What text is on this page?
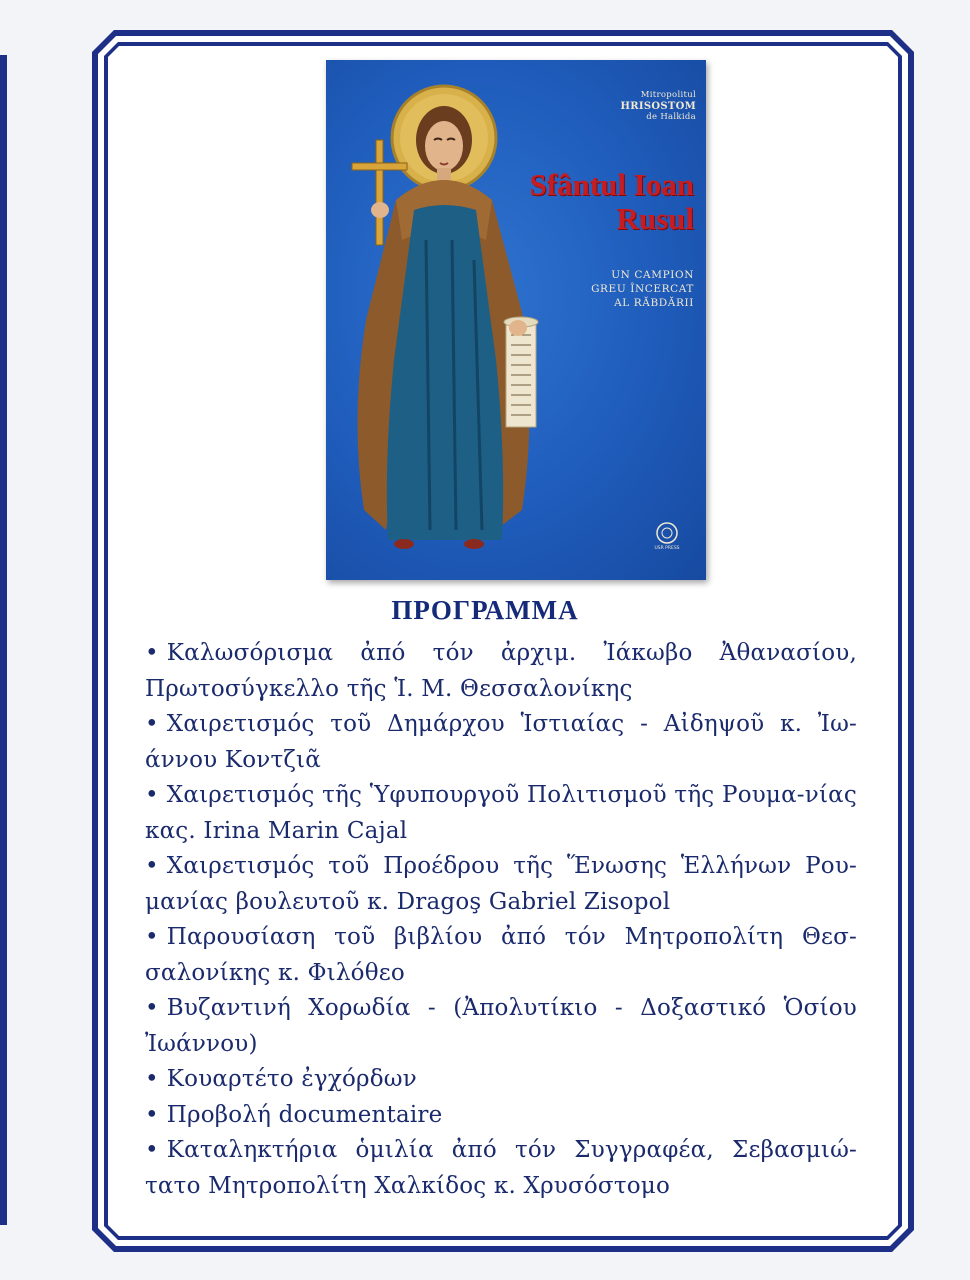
Mitropolitul
HRISOSTOM
de Halkida
Sfântul Ioan
Rusul
UN CAMPION
GREU ÎNCERCAT
AL RĂBDĂRII
USR PRESS
ΠΡΟΓΡΑΜΜΑ
• Καλωσόρισμα ἀπό τόν ἀρχιμ. Ἰάκωβο Ἀθανασίου, Πρωτοσύγκελλο τῆς Ἱ. Μ. Θεσσαλονίκης
• Χαιρετισμός τοῦ Δημάρχου Ἱστιαίας - Αἰδηψοῦ κ. Ἰω-άννου Κοντζιᾶ
• Χαιρετισμός τῆς Ὑφυπουργοῦ Πολιτισμοῦ τῆς Ρουμα-νίας κας. Irina Marin Cajal
• Χαιρετισμός τοῦ Προέδρου τῆς Ἕνωσης Ἑλλήνων Ρου-μανίας βουλευτοῦ κ. Dragoş Gabriel Zisopol
• Παρουσίαση τοῦ βιβλίου ἀπό τόν Μητροπολίτη Θεσ-σαλονίκης κ. Φιλόθεο
• Βυζαντινή Χορωδία - (Ἀπολυτίκιο - Δοξαστικό Ὁσίου Ἰωάννου)
• Κουαρτέτο ἐγχόρδων
• Προβολή documentaire
• Καταληκτήρια ὁμιλία ἀπό τόν Συγγραφέα, Σεβασμιώ-τατο Μητροπολίτη Χαλκίδος κ. Χρυσόστομο
